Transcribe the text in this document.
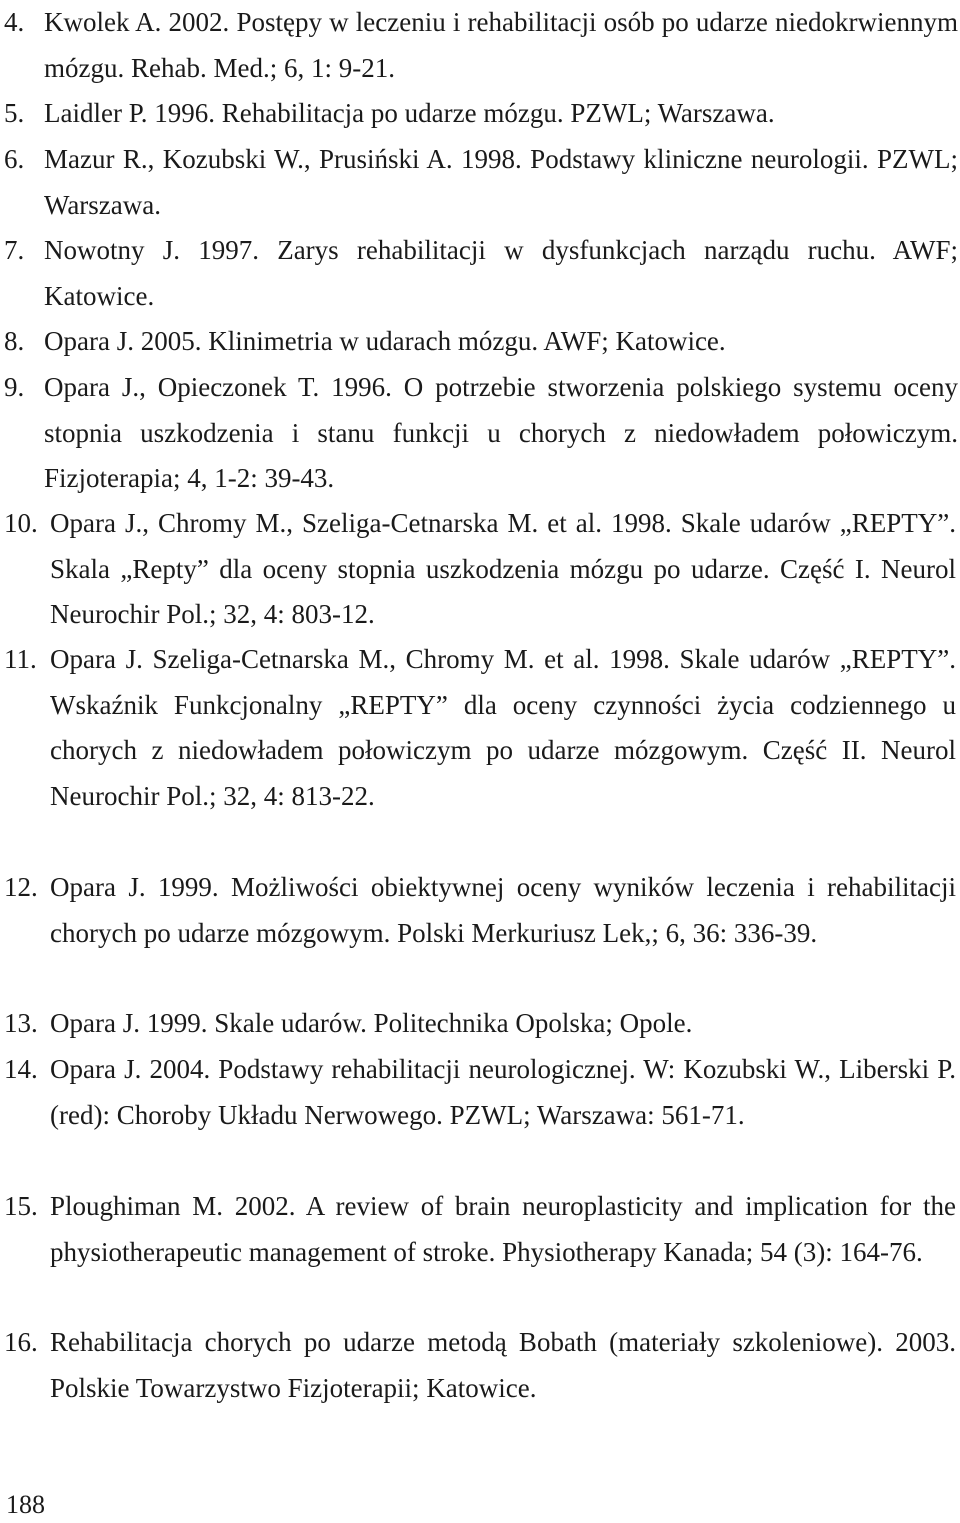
4. Kwolek A. 2002. Postępy w leczeniu i rehabilitacji osób po udarze niedokrwiennym mózgu. Rehab. Med.; 6, 1: 9-21.
5. Laidler P. 1996. Rehabilitacja po udarze mózgu. PZWL; Warszawa.
6. Mazur R., Kozubski W., Prusiński A. 1998. Podstawy kliniczne neurologii. PZWL; Warszawa.
7. Nowotny J. 1997. Zarys rehabilitacji w dysfunkcjach narządu ruchu. AWF; Katowice.
8. Opara J. 2005. Klinimetria w udarach mózgu. AWF; Katowice.
9. Opara J., Opieczonek T. 1996. O potrzebie stworzenia polskiego systemu oceny stopnia uszkodzenia i stanu funkcji u chorych z niedowładem połowiczym. Fizjoterapia; 4, 1-2: 39-43.
10. Opara J., Chromy M., Szeliga-Cetnarska M. et al. 1998. Skale udarów „REPTY”. Skala „Repty” dla oceny stopnia uszkodzenia mózgu po udarze. Część I. Neurol Neurochir Pol.; 32, 4: 803-12.
11. Opara J. Szeliga-Cetnarska M., Chromy M. et al. 1998. Skale udarów „REPTY”. Wskaźnik Funkcjonalny „REPTY” dla oceny czynności życia codziennego u chorych z niedowładem połowiczym po udarze mózgowym. Część II. Neurol Neurochir Pol.; 32, 4: 813-22.
12. Opara J. 1999. Możliwości obiektywnej oceny wyników leczenia i rehabilitacji chorych po udarze mózgowym. Polski Merkuriusz Lek,; 6, 36: 336-39.
13. Opara J. 1999. Skale udarów. Politechnika Opolska; Opole.
14. Opara J. 2004. Podstawy rehabilitacji neurologicznej. W: Kozubski W., Liberski P. (red): Choroby Układu Nerwowego. PZWL; Warszawa: 561-71.
15. Ploughiman M. 2002. A review of brain neuroplasticity and implication for the physiotherapeutic management of stroke. Physiotherapy Kanada; 54 (3): 164-76.
16. Rehabilitacja chorych po udarze metodą Bobath (materiały szkoleniowe). 2003. Polskie Towarzystwo Fizjoterapii; Katowice.
188
